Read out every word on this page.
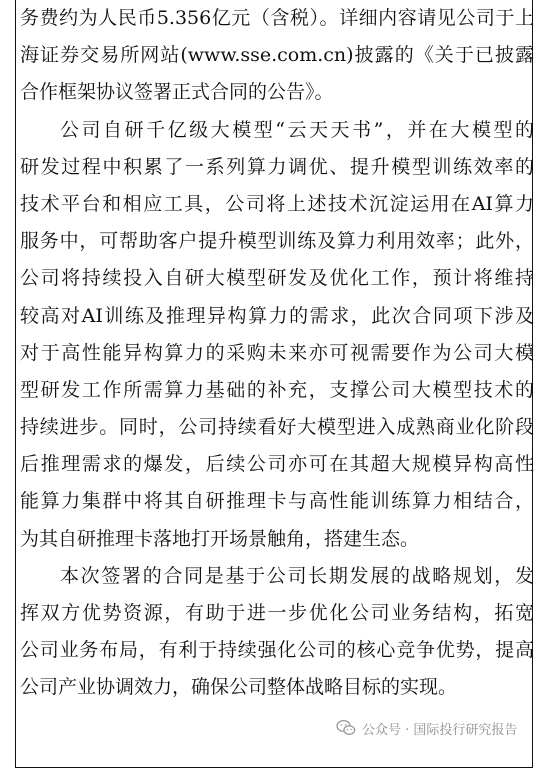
务费约为人民币5.356亿元（含税）。详细内容请见公司于上

海证券交易所网站(www.sse.com.cn)披露的《关于已披露

合作框架协议签署正式合同的公告》。

公司自研千亿级大模型“云天天书”，并在大模型的

研发过程中积累了一系列算力调优、提升模型训练效率的

技术平台和相应工具，公司将上述技术沉淀运用在AI算力

服务中，可帮助客户提升模型训练及算力利用效率；此外，

公司将持续投入自研大模型研发及优化工作，预计将维持

较高对AI训练及推理异构算力的需求，此次合同项下涉及

对于高性能异构算力的采购未来亦可视需要作为公司大模

型研发工作所需算力基础的补充，支撑公司大模型技术的

持续进步。同时，公司持续看好大模型进入成熟商业化阶段

后推理需求的爆发，后续公司亦可在其超大规模异构高性

能算力集群中将其自研推理卡与高性能训练算力相结合，

为其自研推理卡落地打开场景触角，搭建生态。

本次签署的合同是基于公司长期发展的战略规划，发

挥双方优势资源，有助于进一步优化公司业务结构，拓宽

公司业务布局，有利于持续强化公司的核心竞争优势，提高

公司产业协调效力，确保公司整体战略目标的实现。

公众号 · 国际投行研究报告
